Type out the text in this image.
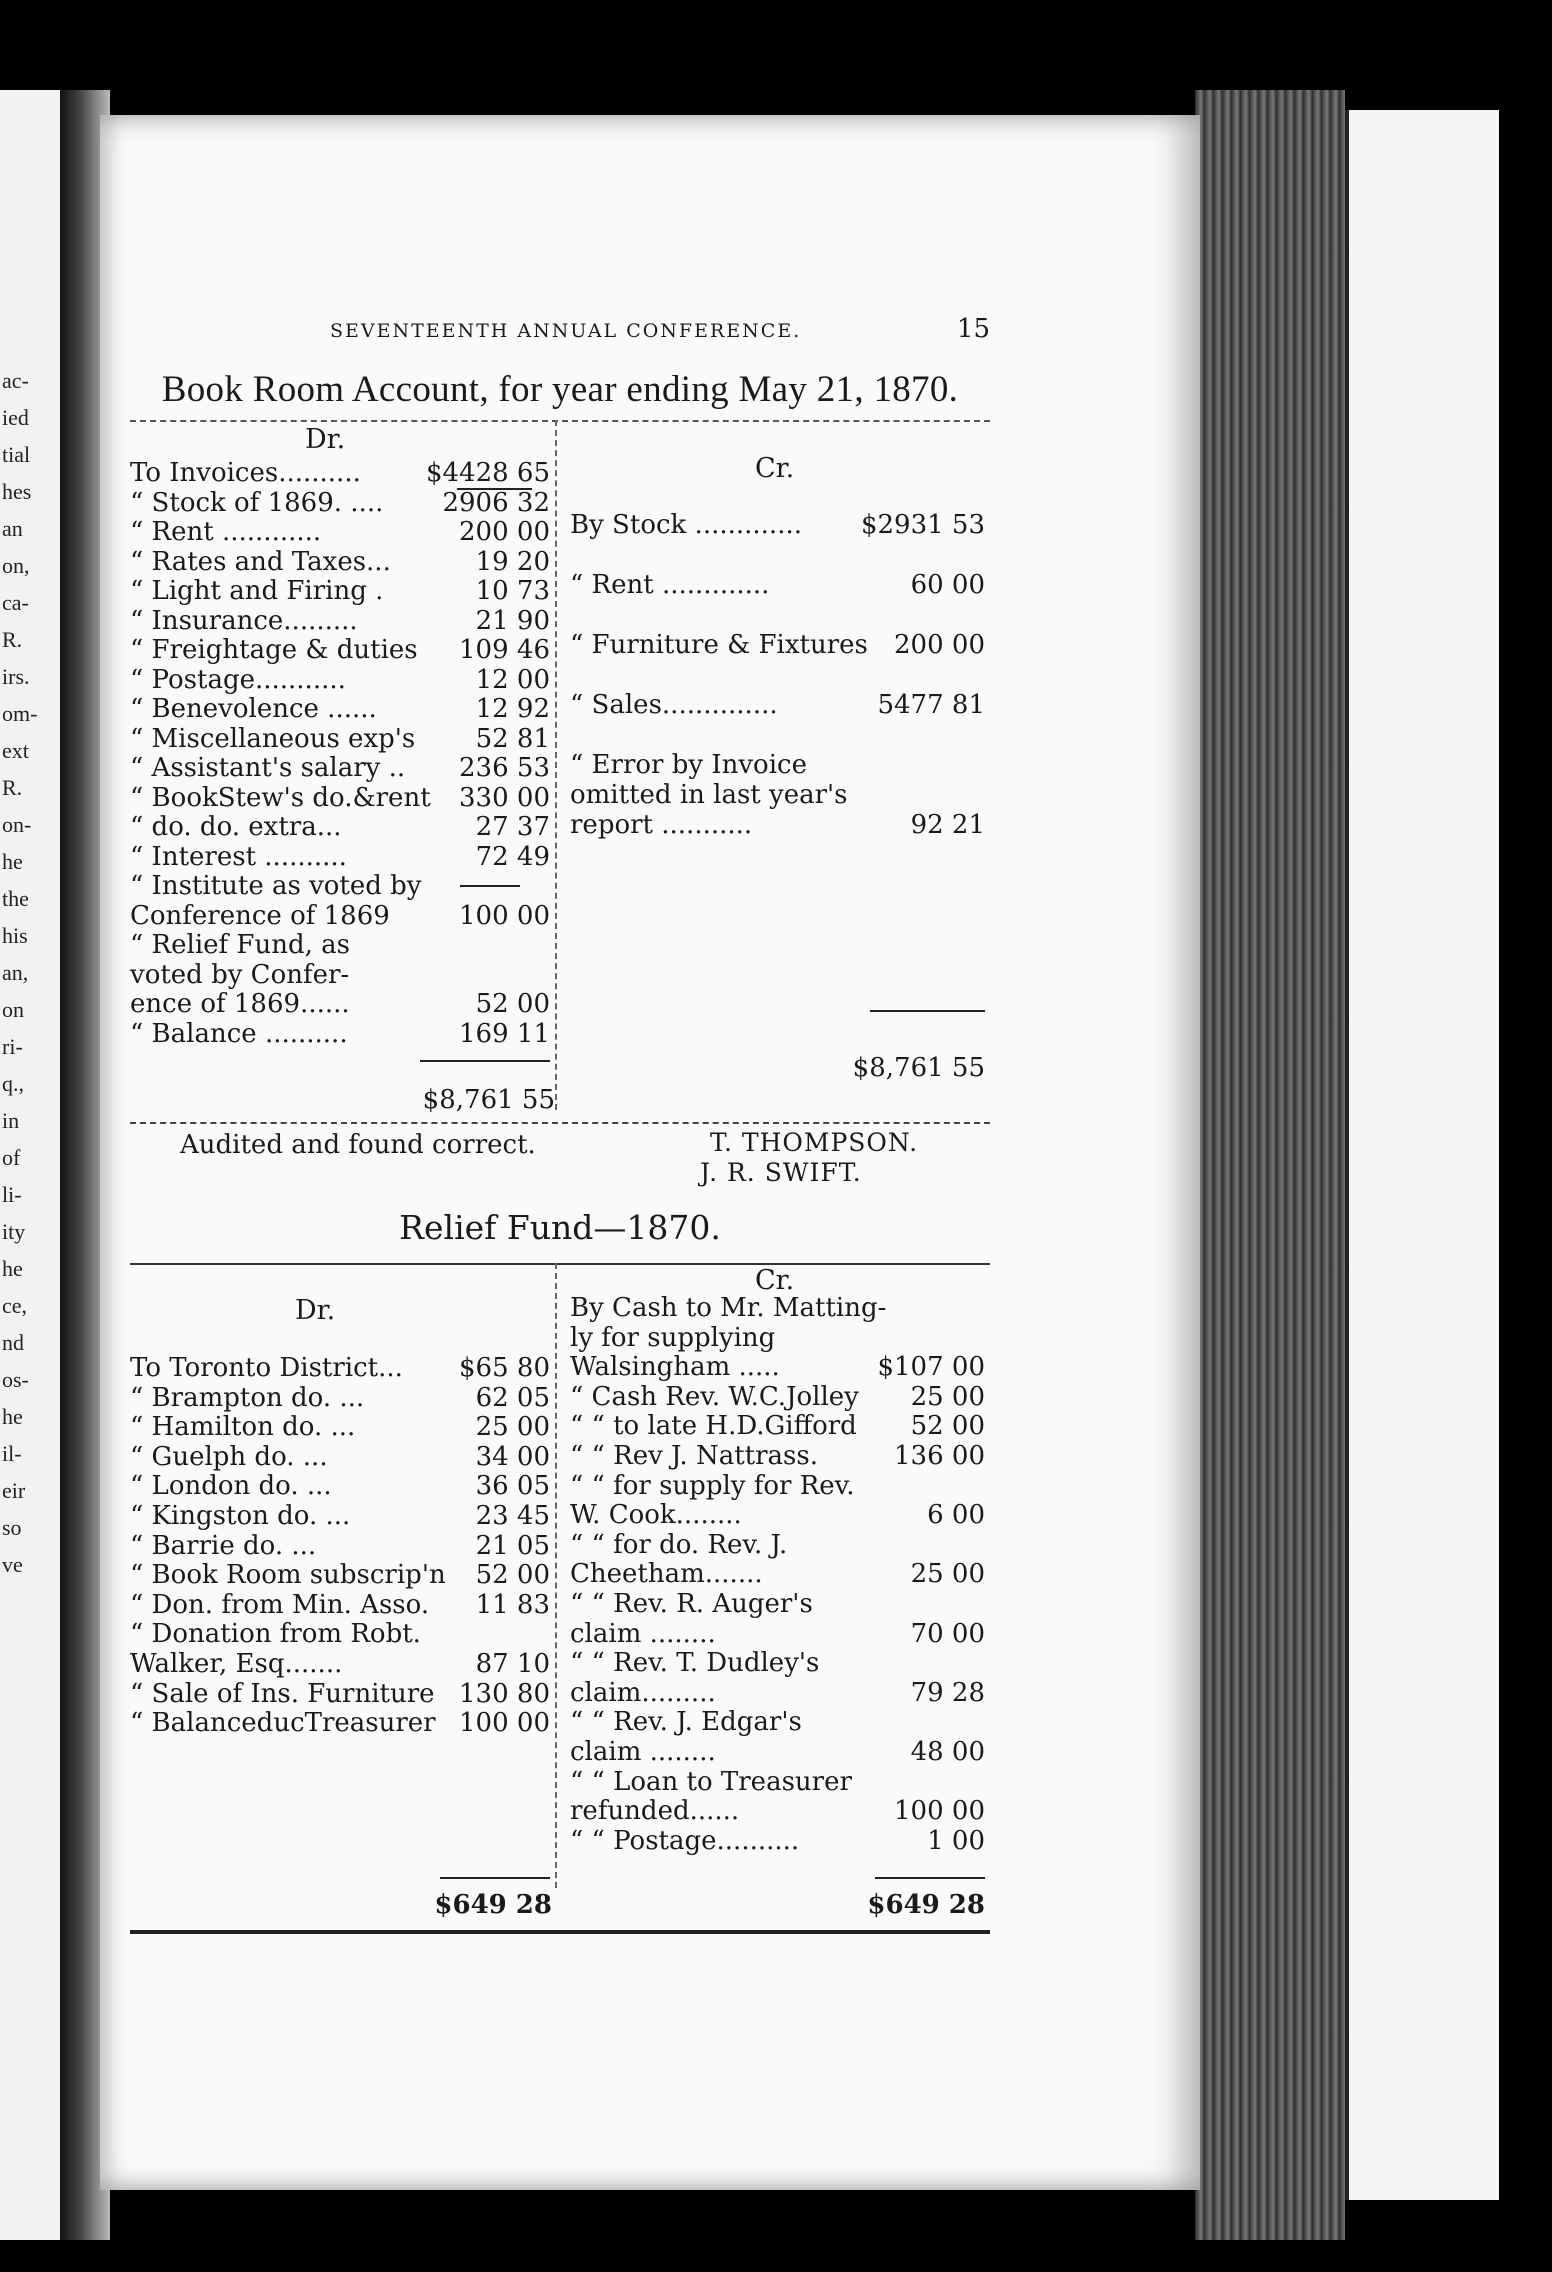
ac-
ied
tial
hes
an
on,
ca-
R.
irs.
om-
ext
R.
on-
he
the
his
an,
on
ri-
q.,
in
of
li-
ity
he
ce,
nd
os-
he
il-
eir
so
ve
SEVENTEENTH ANNUAL CONFERENCE.	15
Book Room Account, for year ending May 21, 1870.
Dr.
Cr.
To Invoices..........	$4428 65
“ Stock of 1869. ....	2906 32
“ Rent ............	200 00
“ Rates and Taxes...	19 20
“ Light and Firing .	10 73
“ Insurance.........	21 90
“ Freightage & duties	109 46
“ Postage...........	12 00
“ Benevolence ......	12 92
“ Miscellaneous exp's	52 81
“ Assistant's salary ..	236 53
“ BookStew's do.&rent	330 00
“ do. do. extra...	27 37
“ Interest ..........	72 49
“ Institute as voted by
Conference of 1869	100 00
“ Relief Fund, as
voted by Confer-
ence of 1869......	52 00
“ Balance ..........	169 11
By Stock ............. $2931 53
“ Rent .............	60 00
“ Furniture & Fixtures	200 00
“ Sales..............	5477 81
“ Error by Invoice
omitted in last year's
report ...........	92 21
$8,761 55
$8,761 55
Audited and found correct.	T. THOMPSON.
J. R. SWIFT.
Relief Fund—1870.
Dr.
Cr.
To Toronto District...	$65 80
“ Brampton do. ...	62 05
“ Hamilton do. ...	25 00
“ Guelph do. ...	34 00
“ London do. ...	36 05
“ Kingston do. ...	23 45
“ Barrie do. ...	21 05
“ Book Room subscrip'n	52 00
“ Don. from Min. Asso.	11 83
“ Donation from Robt.
Walker, Esq.......	87 10
“ Sale of Ins. Furniture 130 80
“ BalanceducTreasurer 100 00
By Cash to Mr. Matting-
ly for supplying
Walsingham .....	$107 00
“ Cash Rev. W.C.Jolley	25 00
“ “ to late H.D.Gifford	52 00
“ “ Rev J. Nattrass.	136 00
“ “ for supply for Rev.
W. Cook........	6 00
“ “ for do. Rev. J.
Cheetham.......	25 00
“ “ Rev. R. Auger's
claim ........	70 00
“ “ Rev. T. Dudley's
claim.........	79 28
“ “ Rev. J. Edgar's
claim ........	48 00
“ “ Loan to Treasurer
refunded......	100 00
“ “ Postage..........	1 00
$649 28	$649 28
